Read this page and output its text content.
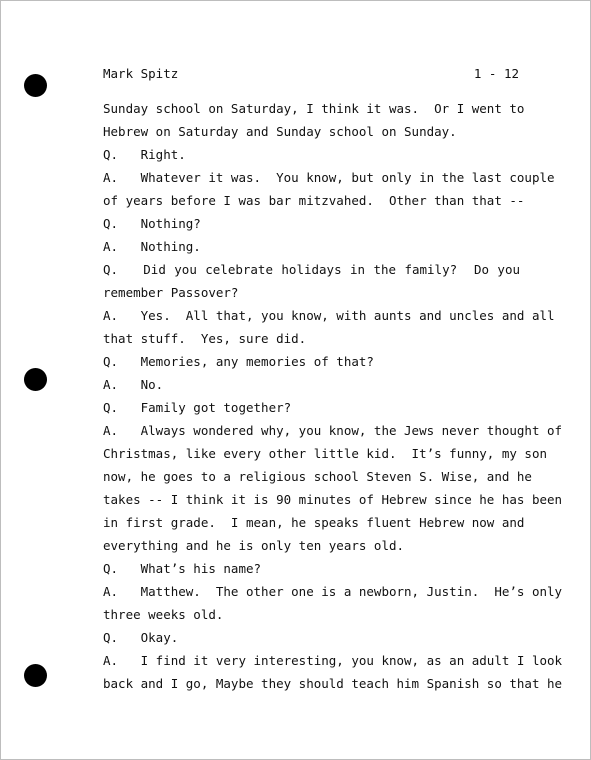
Mark Spitz	1 - 12
Sunday school on Saturday, I think it was.  Or I went to
Hebrew on Saturday and Sunday school on Sunday.
Q.   Right.
A.   Whatever it was.  You know, but only in the last couple
of years before I was bar mitzvahed.  Other than that --
Q.   Nothing?
A.   Nothing.
Q.   Did you celebrate holidays in the family?  Do you
remember Passover?
A.   Yes.  All that, you know, with aunts and uncles and all
that stuff.  Yes, sure did.
Q.   Memories, any memories of that?
A.   No.
Q.   Family got together?
A.   Always wondered why, you know, the Jews never thought of
Christmas, like every other little kid.  It’s funny, my son
now, he goes to a religious school Steven S. Wise, and he
takes -- I think it is 90 minutes of Hebrew since he has been
in first grade.  I mean, he speaks fluent Hebrew now and
everything and he is only ten years old.
Q.   What’s his name?
A.   Matthew.  The other one is a newborn, Justin.  He’s only
three weeks old.
Q.   Okay.
A.   I find it very interesting, you know, as an adult I look
back and I go, Maybe they should teach him Spanish so that he
